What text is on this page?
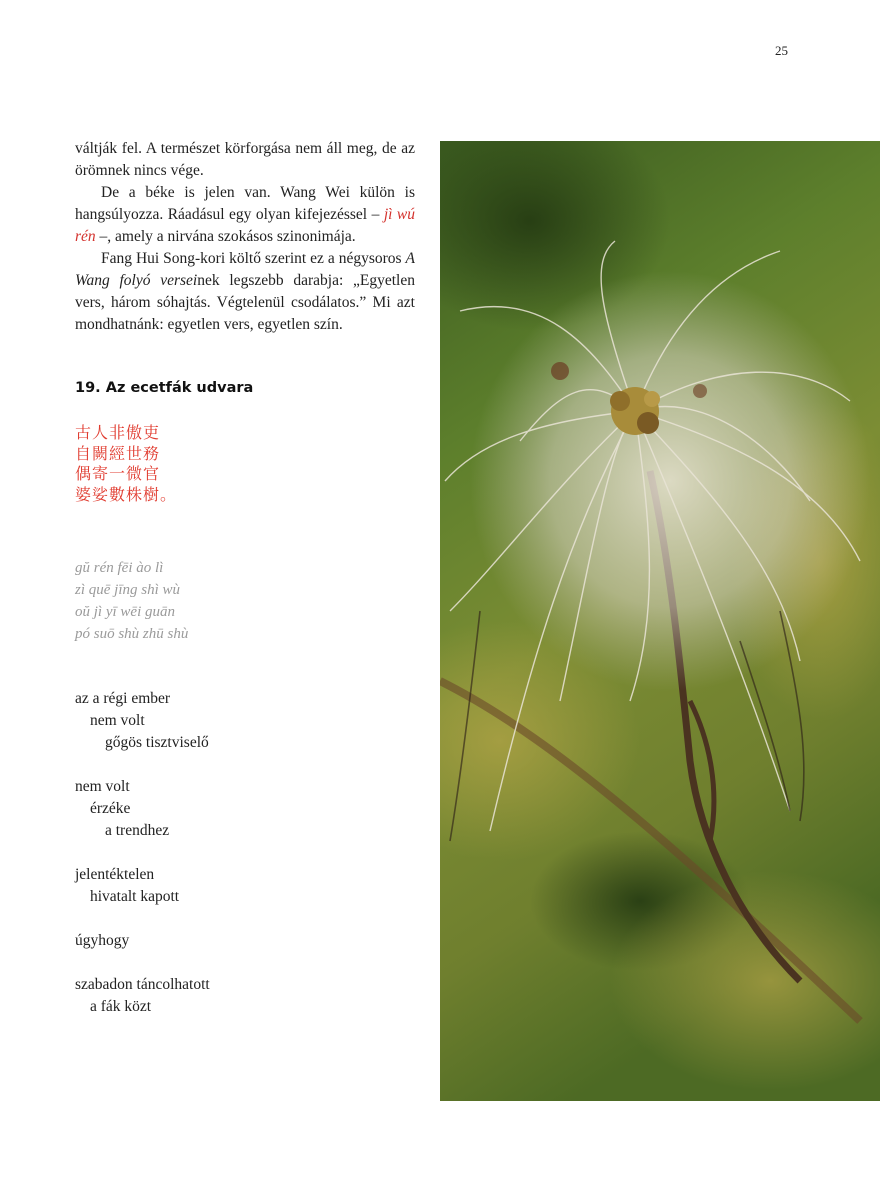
25

váltják fel. A természet körforgása nem áll meg, de az örömnek nincs vége.

De a béke is jelen van. Wang Wei külön is hangsúlyozza. Ráadásul egy olyan kifejezéssel – jì wú rén –, amely a nirvána szokásos szinonimája.

Fang Hui Song-kori költő szerint ez a négysoros A Wang folyó verseinek legszebb darabja: „Egyetlen vers, három sóhajtás. Végtelenül csodálatos.” Mi azt mondhatnánk: egyetlen vers, egyetlen szín.

19. Az ecetfák udvara
古人非傲吏
自闕經世務
偶寄一微官
婆娑數株樹。
gŭ rén fēi ào lì
zì quē jīng shì wù
oŭ jì yī wēi guān
pó suō shù zhū shù
az a régi ember
nem volt
gőgös tisztviselő
nem volt
érzéke
a trendhez
jelentéktelen
hivatalt kapott
úgyhogy
szabadon táncolhatott
a fák közt
